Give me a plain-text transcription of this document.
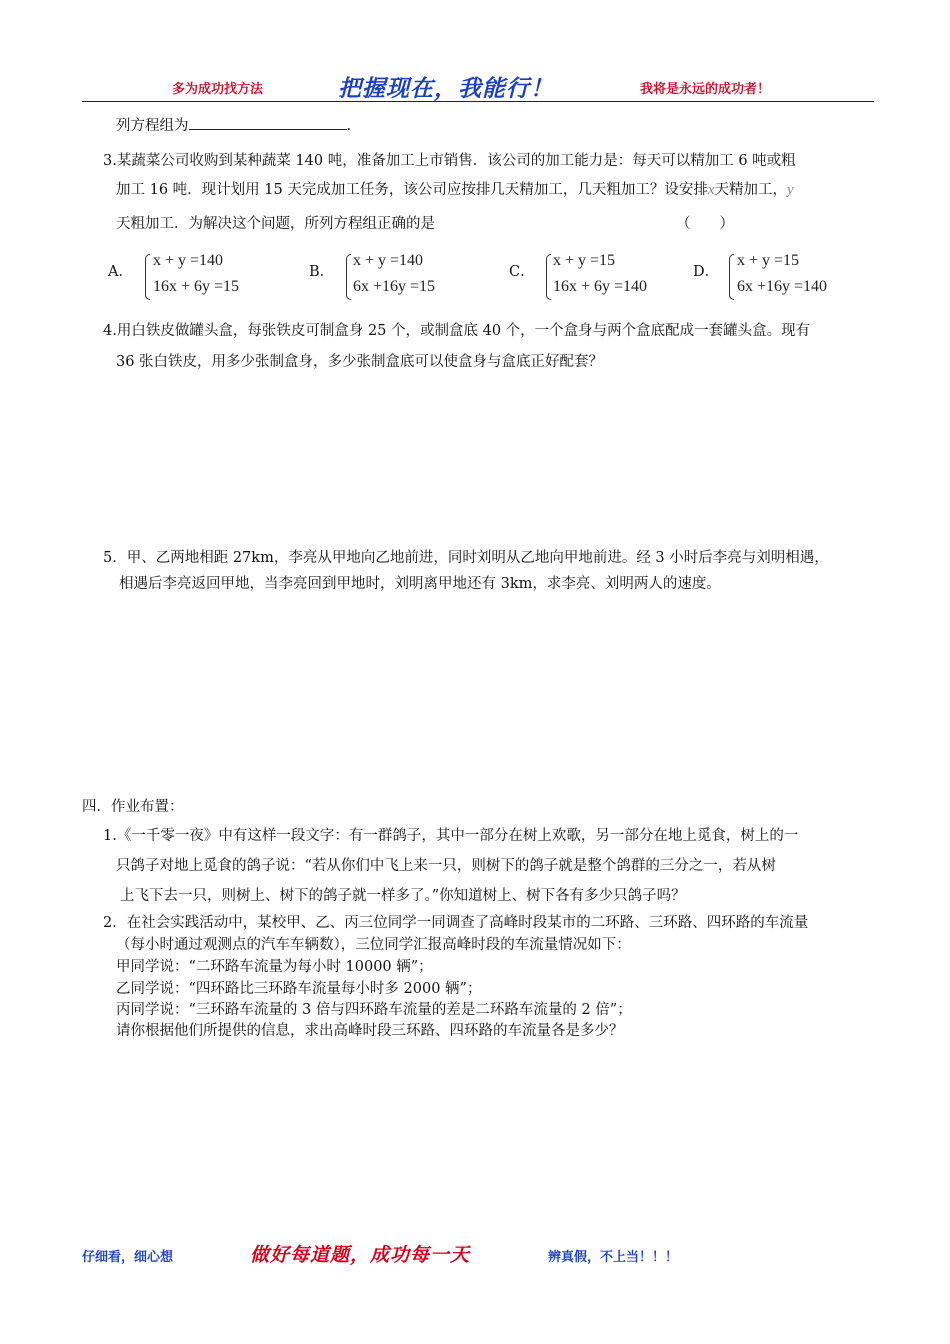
多为成功找方法	把握现在，我能行！	我将是永远的成功者！
列方程组为	.
3.某蔬菜公司收购到某种蔬菜 140 吨，准备加工上市销售．该公司的加工能力是：每天可以精加工 6 吨或粗
加工 16 吨．现计划用 15 天完成加工任务，该公司应按排几天精加工，几天粗加工？设安排x天精加工，y
天粗加工．为解决这个问题，所列方程组正确的是	（　　）
A．
x + y =140
16x + 6y =15
B．
x + y =140
6x +16y =15
C．
x + y =15
16x + 6y =140
D．
x + y =15
6x +16y =140
4.用白铁皮做罐头盒，每张铁皮可制盒身 25 个，或制盒底 40 个，一个盒身与两个盒底配成一套罐头盒。现有
36 张白铁皮，用多少张制盒身，多少张制盒底可以使盒身与盒底正好配套？
5．甲、乙两地相距 27km，李亮从甲地向乙地前进，同时刘明从乙地向甲地前进。经 3 小时后李亮与刘明相遇，
相遇后李亮返回甲地，当李亮回到甲地时，刘明离甲地还有 3km，求李亮、刘明两人的速度。
四．作业布置：
1.《一千零一夜》中有这样一段文字：有一群鸽子，其中一部分在树上欢歌，另一部分在地上觅食，树上的一
只鸽子对地上觅食的鸽子说：“若从你们中飞上来一只，则树下的鸽子就是整个鸽群的三分之一，若从树
上飞下去一只，则树上、树下的鸽子就一样多了。”你知道树上、树下各有多少只鸽子吗？
2．在社会实践活动中，某校甲、乙、丙三位同学一同调查了高峰时段某市的二环路、三环路、四环路的车流量
（每小时通过观测点的汽车车辆数），三位同学汇报高峰时段的车流量情况如下：
甲同学说：“二环路车流量为每小时 10000 辆”；
乙同学说：“四环路比三环路车流量每小时多 2000 辆”；
丙同学说：“三环路车流量的 3 倍与四环路车流量的差是二环路车流量的 2 倍”；
请你根据他们所提供的信息，求出高峰时段三环路、四环路的车流量各是多少？
仔细看，细心想	做好每道题，成功每一天	辨真假，不上当！！！
